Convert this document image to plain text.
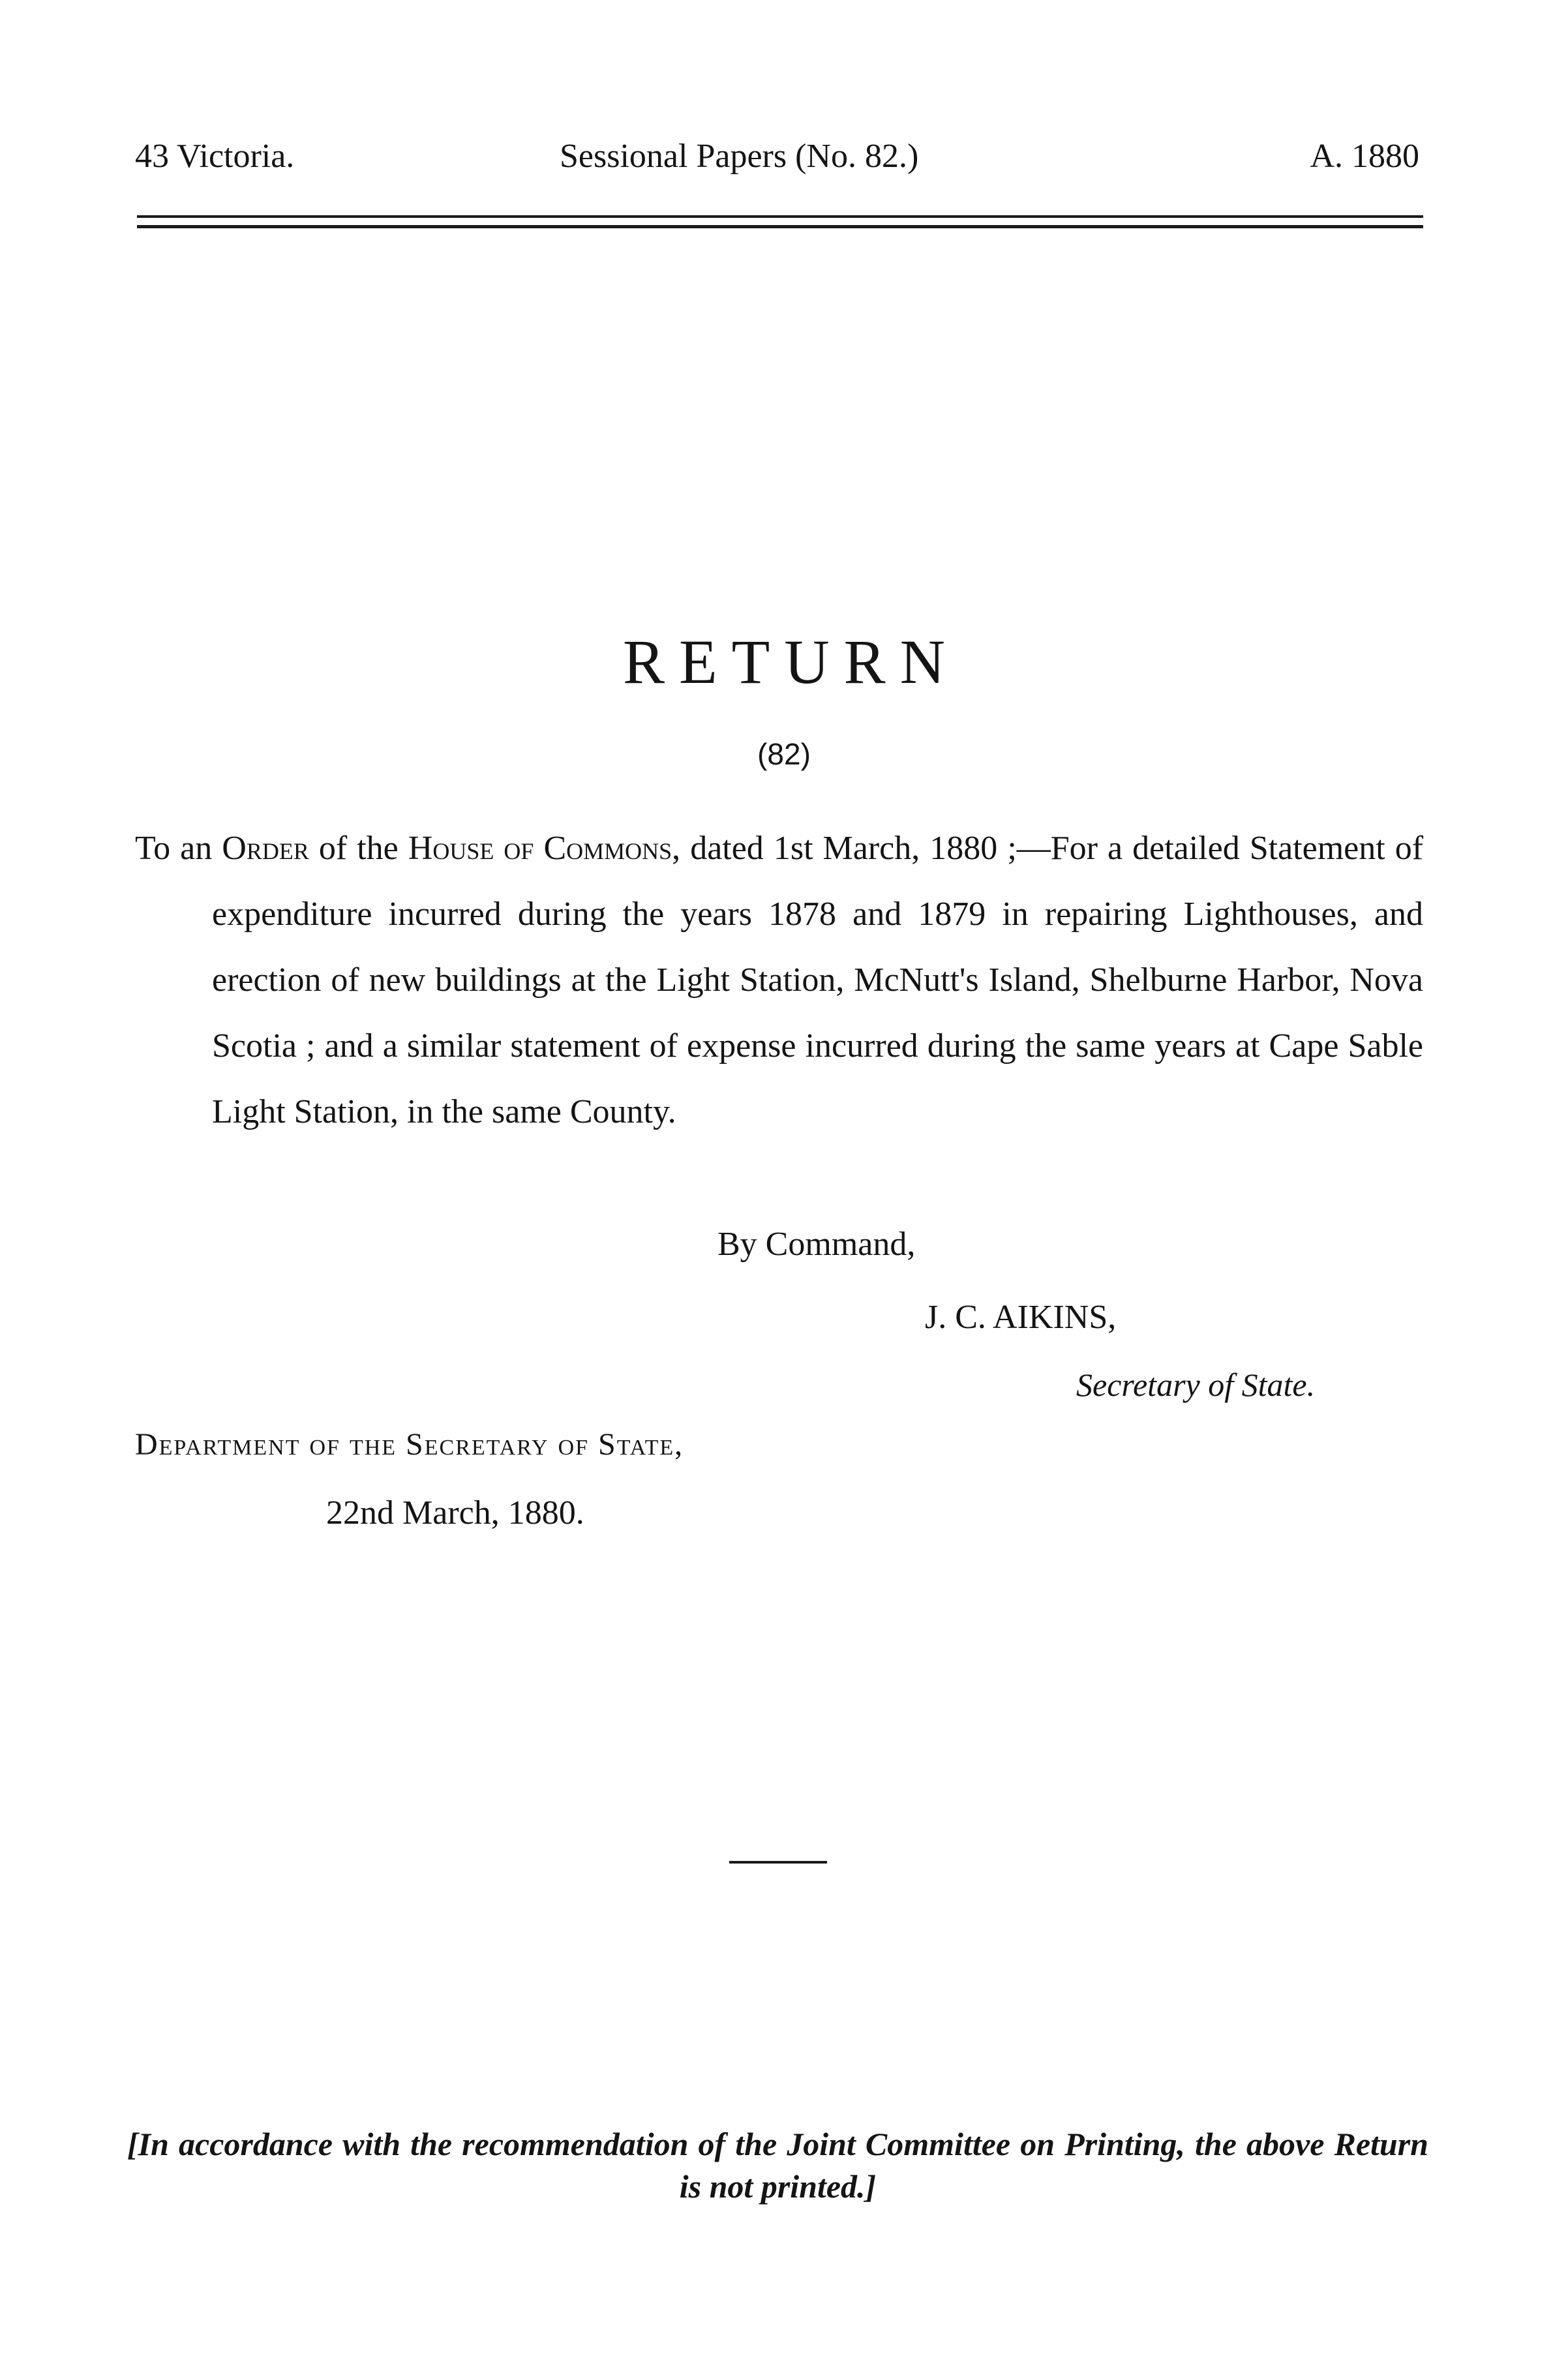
43 Victoria.	Sessional Papers (No. 82.)	A. 1880
RETURN
(82)
To an Order of the House of Commons, dated 1st March, 1880 ;—For a detailed Statement of expenditure incurred during the years 1878 and 1879 in repairing Lighthouses, and erection of new buildings at the Light Station, McNutt's Island, Shelburne Harbor, Nova Scotia ; and a similar statement of expense incurred during the same years at Cape Sable Light Station, in the same County.
By Command,
J. C. AIKINS,
Secretary of State.
Department of the Secretary of State,
22nd March, 1880.
[In accordance with the recommendation of the Joint Committee on Printing, the above Return is not printed.]
